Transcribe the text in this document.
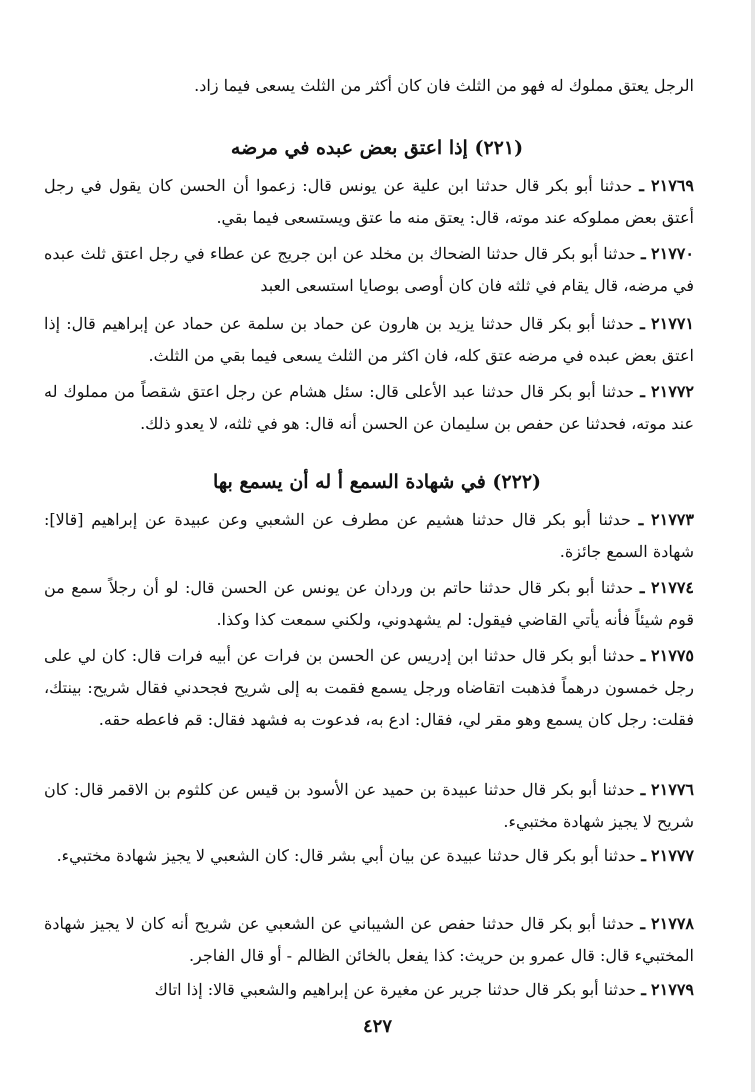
الرجل يعتق مملوك له فهو من الثلث فان كان أكثر من الثلث يسعى فيما زاد.
(٢٢١) إذا اعتق بعض عبده في مرضه
٢١٧٦٩ ـ حدثنا أبو بكر قال حدثنا ابن علية عن يونس قال: زعموا أن الحسن كان يقول في رجل أعتق بعض مملوكه عند موته، قال: يعتق منه ما عتق ويستسعى فيما بقي.
٢١٧٧٠ ـ حدثنا أبو بكر قال حدثنا الضحاك بن مخلد عن ابن جريج عن عطاء في رجل اعتق ثلث عبده في مرضه، قال يقام في ثلثه فان كان أوصى بوصايا استسعى العبد
٢١٧٧١ ـ حدثنا أبو بكر قال حدثنا يزيد بن هارون عن حماد بن سلمة عن حماد عن إبراهيم قال: إذا اعتق بعض عبده في مرضه عتق كله، فان اكثر من الثلث يسعى فيما بقي من الثلث.
٢١٧٧٢ ـ حدثنا أبو بكر قال حدثنا عبد الأعلى قال: سئل هشام عن رجل اعتق شقصاً من مملوك له عند موته، فحدثنا عن حفص بن سليمان عن الحسن أنه قال: هو في ثلثه، لا يعدو ذلك.
(٢٢٢) في شهادة السمع أ له أن يسمع بها
٢١٧٧٣ ـ حدثنا أبو بكر قال حدثنا هشيم عن مطرف عن الشعبي وعن عبيدة عن إبراهيم [قالا]: شهادة السمع جائزة.
٢١٧٧٤ ـ حدثنا أبو بكر قال حدثنا حاتم بن وردان عن يونس عن الحسن قال: لو أن رجلاً سمع من قوم شيئاً فأنه يأتي القاضي فيقول: لم يشهدوني، ولكني سمعت كذا وكذا.
٢١٧٧٥ ـ حدثنا أبو بكر قال حدثنا ابن إدريس عن الحسن بن فرات عن أبيه فرات قال: كان لي على رجل خمسون درهماً فذهبت اتقاضاه ورجل يسمع فقمت به إلى شريح فجحدني فقال شريح: بينتك، فقلت: رجل كان يسمع وهو مقر لي، فقال: ادع به، فدعوت به فشهد فقال: قم فاعطه حقه.
٢١٧٧٦ ـ حدثنا أبو بكر قال حدثنا عبيدة بن حميد عن الأسود بن قيس عن كلثوم بن الاقمر قال: كان شريح لا يجيز شهادة مختبيء.
٢١٧٧٧ ـ حدثنا أبو بكر قال حدثنا عبيدة عن بيان أبي بشر قال: كان الشعبي لا يجيز شهادة مختبيء.
٢١٧٧٨ ـ حدثنا أبو بكر قال حدثنا حفص عن الشيباني عن الشعبي عن شريح أنه كان لا يجيز شهادة المختبيء قال: قال عمرو بن حريث: كذا يفعل بالخائن الظالم - أو قال الفاجر.
٢١٧٧٩ ـ حدثنا أبو بكر قال حدثنا جرير عن مغيرة عن إبراهيم والشعبي قالا: إذا اتاك
٤٢٧
